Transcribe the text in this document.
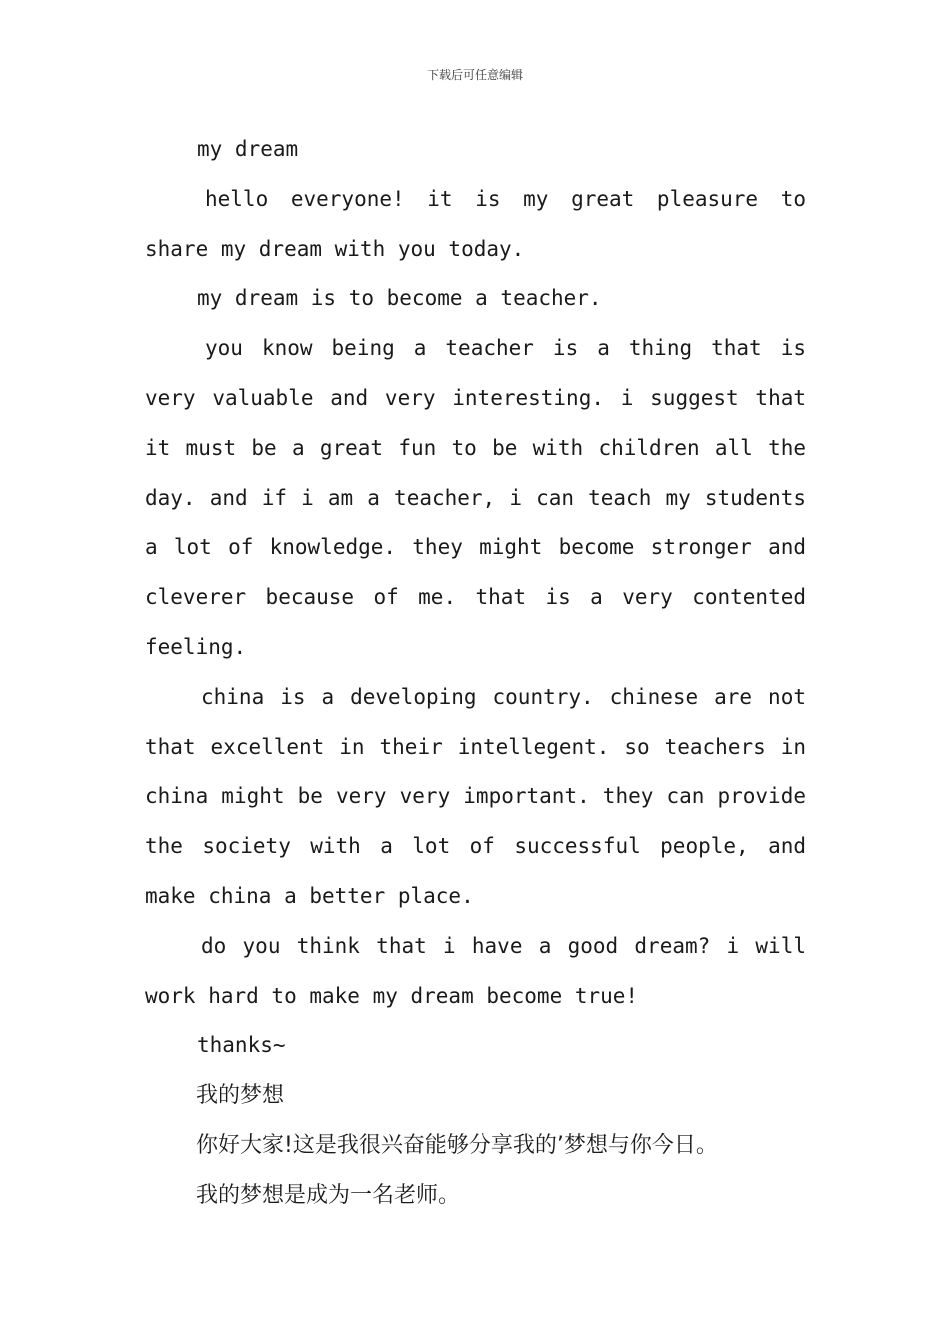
下载后可任意编辑

my dream

hello everyone! it is my great pleasure to share my dream with you today.

my dream is to become a teacher.

you know being a teacher is a thing that is very valuable and very interesting. i suggest that it must be a great fun to be with children all the day. and if i am a teacher, i can teach my students a lot of knowledge. they might become stronger and cleverer because of me. that is a very contented feeling.

china is a developing country. chinese are not that excellent in their intellegent. so teachers in china might be very very important. they can provide the society with a lot of successful people, and make china a better place.

do you think that i have a good dream? i will work hard to make my dream become true!

thanks~

我的梦想

你好大家!这是我很兴奋能够分享我的’梦想与你今日。

我的梦想是成为一名老师。
